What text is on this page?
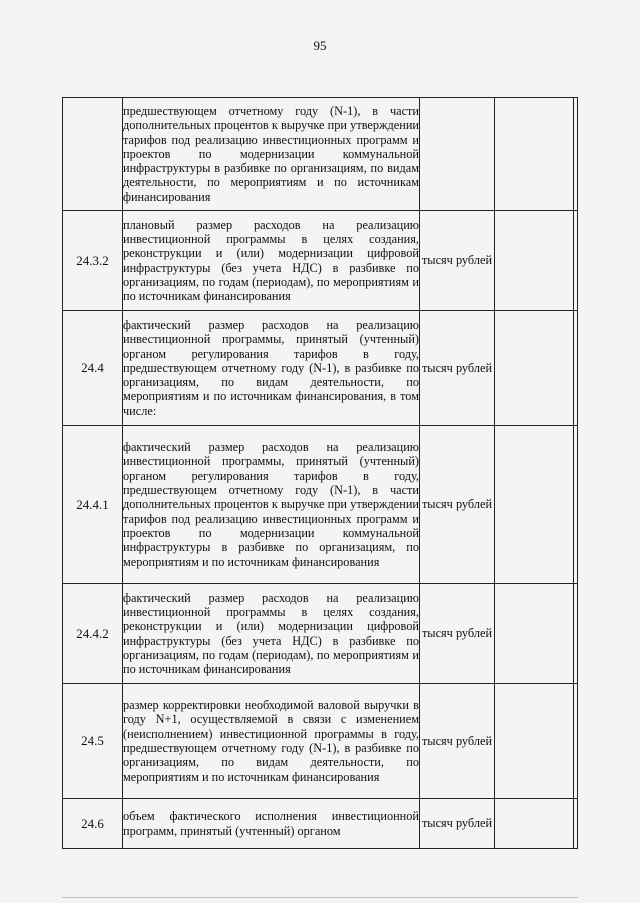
95

	предшествующем отчетному году (N-1), в части дополнительных процентов к выручке при утверждении тарифов под реализацию инвестиционных программ и проектов по модернизации коммунальной инфраструктуры в разбивке по организациям, по видам деятельности, по мероприятиям и по источникам финансирования			

24.3.2	плановый размер расходов на реализацию инвестиционной программы в целях создания, реконструкции и (или) модернизации цифровой инфраструктуры (без учета НДС) в разбивке по организациям, по годам (периодам), по мероприятиям и по источникам финансирования	тысяч рублей		
24.4	фактический размер расходов на реализацию инвестиционной программы, принятый (учтенный) органом регулирования тарифов в году, предшествующем отчетному году (N-1), в разбивке по организациям, по видам деятельности, по мероприятиям и по источникам финансирования, в том числе:	тысяч рублей		
24.4.1	фактический размер расходов на реализацию инвестиционной программы, принятый (учтенный) органом регулирования тарифов в году, предшествующем отчетному году (N-1), в части дополнительных процентов к выручке при утверждении тарифов под реализацию инвестиционных программ и проектов по модернизации коммунальной инфраструктуры в разбивке по организациям, по мероприятиям и по источникам финансирования	тысяч рублей		
24.4.2	фактический размер расходов на реализацию инвестиционной программы в целях создания, реконструкции и (или) модернизации цифровой инфраструктуры (без учета НДС) в разбивке по организациям, по годам (периодам), по мероприятиям и по источникам финансирования	тысяч рублей		
24.5	размер корректировки необходимой валовой выручки в году N+1, осуществляемой в связи с изменением (неисполнением) инвестиционной программы в году, предшествующем отчетному году (N-1), в разбивке по организациям, по видам деятельности, по мероприятиям и по источникам финансирования	тысяч рублей		
24.6	объем фактического исполнения инвестиционной программ, принятый (учтенный) органом	тысяч рублей		
